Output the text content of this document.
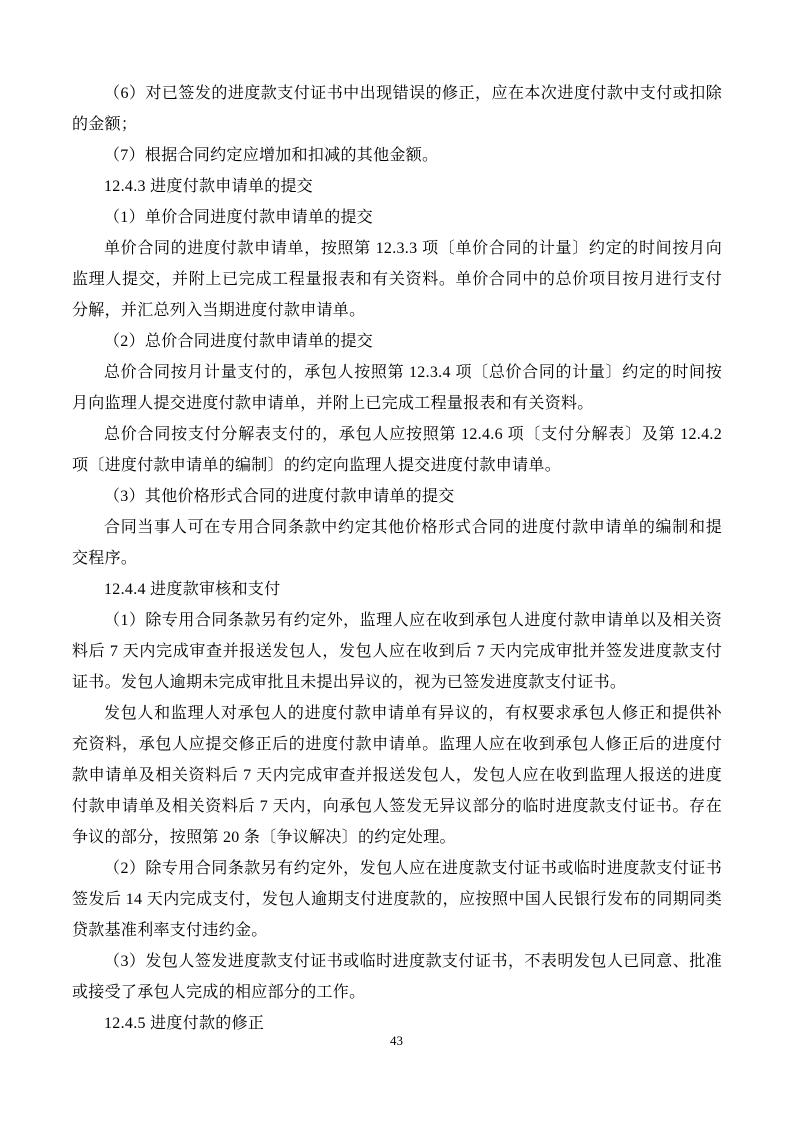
（6）对已签发的进度款支付证书中出现错误的修正，应在本次进度付款中支付或扣除的金额；

（7）根据合同约定应增加和扣减的其他金额。

12.4.3 进度付款申请单的提交

（1）单价合同进度付款申请单的提交

单价合同的进度付款申请单，按照第 12.3.3 项〔单价合同的计量〕约定的时间按月向监理人提交，并附上已完成工程量报表和有关资料。单价合同中的总价项目按月进行支付分解，并汇总列入当期进度付款申请单。

（2）总价合同进度付款申请单的提交

总价合同按月计量支付的，承包人按照第 12.3.4 项〔总价合同的计量〕约定的时间按月向监理人提交进度付款申请单，并附上已完成工程量报表和有关资料。

总价合同按支付分解表支付的，承包人应按照第 12.4.6 项〔支付分解表〕及第 12.4.2 项〔进度付款申请单的编制〕的约定向监理人提交进度付款申请单。

（3）其他价格形式合同的进度付款申请单的提交

合同当事人可在专用合同条款中约定其他价格形式合同的进度付款申请单的编制和提交程序。

12.4.4 进度款审核和支付

（1）除专用合同条款另有约定外，监理人应在收到承包人进度付款申请单以及相关资料后 7 天内完成审查并报送发包人，发包人应在收到后 7 天内完成审批并签发进度款支付证书。发包人逾期未完成审批且未提出异议的，视为已签发进度款支付证书。

发包人和监理人对承包人的进度付款申请单有异议的，有权要求承包人修正和提供补充资料，承包人应提交修正后的进度付款申请单。监理人应在收到承包人修正后的进度付款申请单及相关资料后 7 天内完成审查并报送发包人，发包人应在收到监理人报送的进度付款申请单及相关资料后 7 天内，向承包人签发无异议部分的临时进度款支付证书。存在争议的部分，按照第 20 条〔争议解决〕的约定处理。

（2）除专用合同条款另有约定外，发包人应在进度款支付证书或临时进度款支付证书签发后 14 天内完成支付，发包人逾期支付进度款的，应按照中国人民银行发布的同期同类贷款基准利率支付违约金。

（3）发包人签发进度款支付证书或临时进度款支付证书，不表明发包人已同意、批准或接受了承包人完成的相应部分的工作。

12.4.5 进度付款的修正

43
